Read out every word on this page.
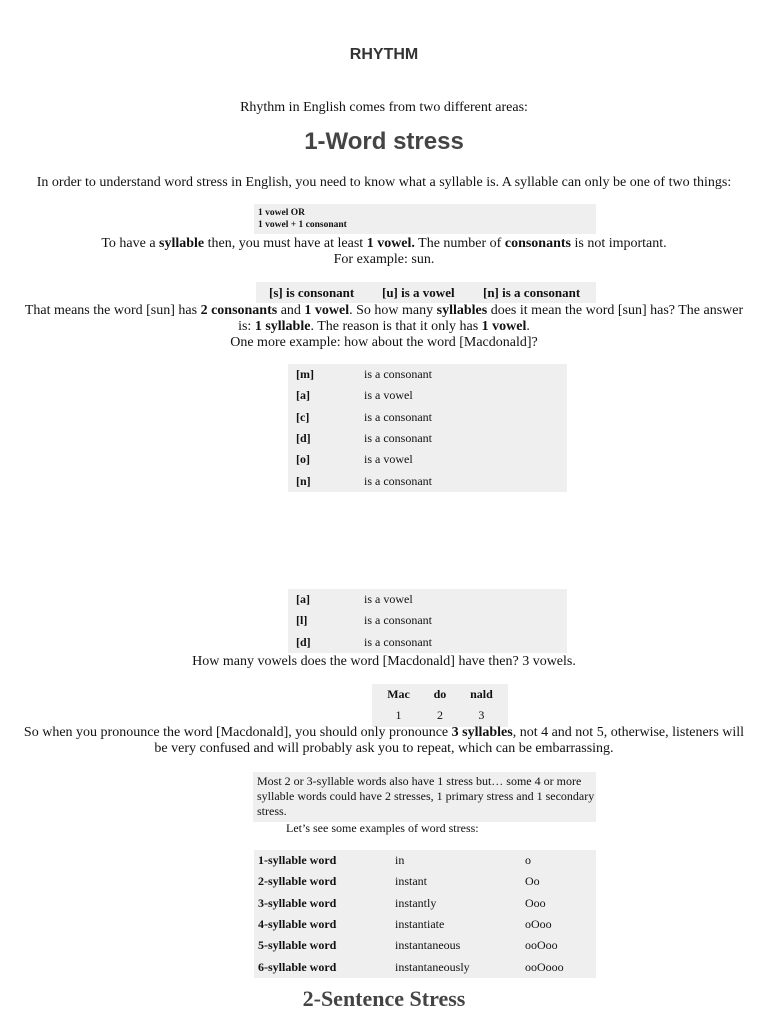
RHYTHM
Rhythm in English comes from two different areas:
1-Word stress
In order to understand word stress in English, you need to know what a syllable is. A syllable can only be one of two things:
1 vowel OR
1 vowel + 1 consonant
To have a syllable then, you must have at least 1 vowel. The number of consonants is not important.
For example: sun.
[s] is consonant [u] is a vowel [n] is a consonant
That means the word [sun] has 2 consonants and 1 vowel. So how many syllables does it mean the word [sun] has? The answer is: 1 syllable. The reason is that it only has 1 vowel.
One more example: how about the word [Macdonald]?
[m]	is a consonant
[a]	is a vowel
[c]	is a consonant
[d]	is a consonant
[o]	is a vowel
[n]	is a consonant
[a]	is a vowel
[l]	is a consonant
[d]	is a consonant
How many vowels does the word [Macdonald] have then? 3 vowels.
Mac	do	nald
1	2	3
So when you pronounce the word [Macdonald], you should only pronounce 3 syllables, not 4 and not 5, otherwise, listeners will be very confused and will probably ask you to repeat, which can be embarrassing.
Most 2 or 3-syllable words also have 1 stress but… some 4 or more syllable words could have 2 stresses, 1 primary stress and 1 secondary stress.
Let’s see some examples of word stress:
1-syllable word	in	o
2-syllable word	instant	Oo
3-syllable word	instantly	Ooo
4-syllable word	instantiate	oOoo
5-syllable word	instantaneous	ooOoo
6-syllable word	instantaneously	ooOooo
2-Sentence Stress
